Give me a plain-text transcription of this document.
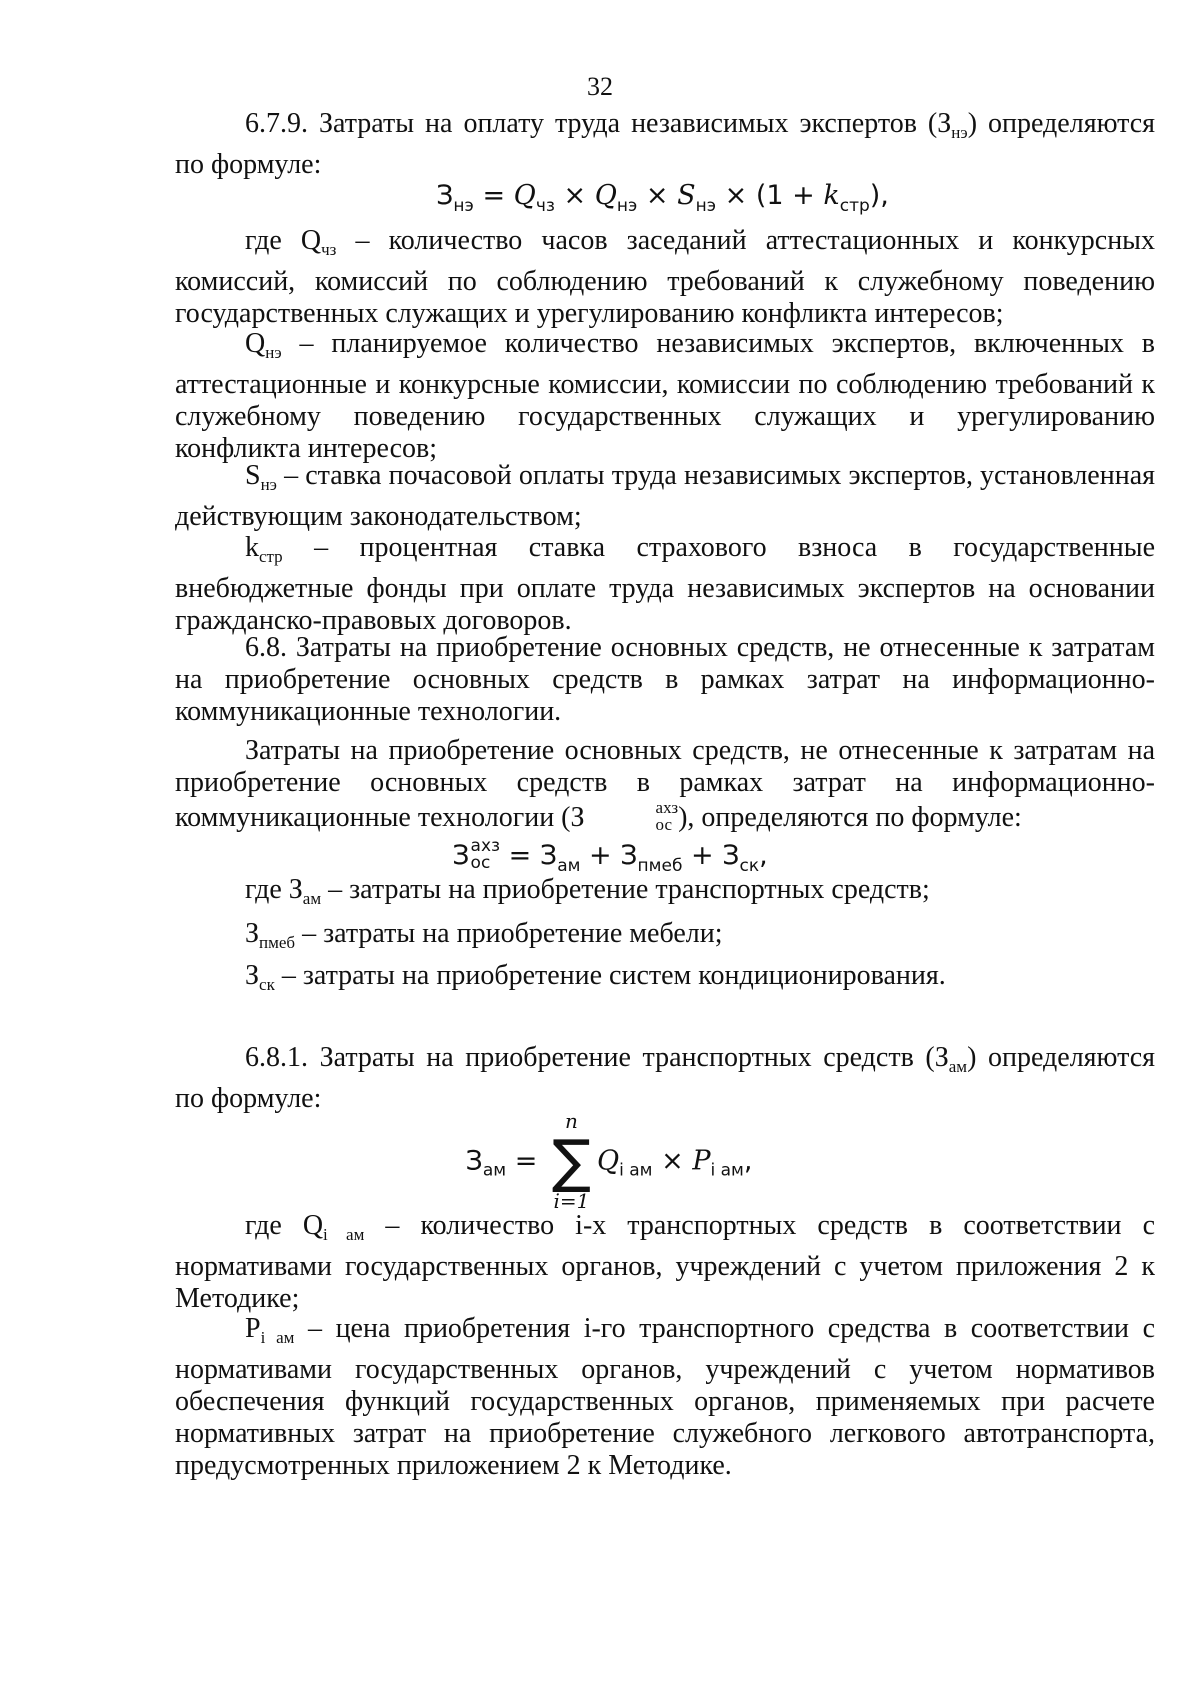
32
6.7.9. Затраты на оплату труда независимых экспертов $(З_{нэ})$ определяются по формуле:
$З_{нэ} = Q_{чз} \times Q_{нэ} \times S_{нэ} \times (1 + k_{стр})$,
где $Q_{чз}$ – количество часов заседаний аттестационных и конкурсных комиссий, комиссий по соблюдению требований к служебному поведению государственных служащих и урегулированию конфликта интересов;
$Q_{нэ}$ – планируемое количество независимых экспертов, включенных в аттестационные и конкурсные комиссии, комиссии по соблюдению требований к служебному поведению государственных служащих и урегулированию конфликта интересов;
$S_{нэ}$ – ставка почасовой оплаты труда независимых экспертов, установленная действующим законодательством;
$k_{стр}$ – процентная ставка страхового взноса в государственные внебюджетные фонды при оплате труда независимых экспертов на основании гражданско-правовых договоров.
6.8. Затраты на приобретение основных средств, не отнесенные к затратам на приобретение основных средств в рамках затрат на информационно-коммуникационные технологии.
Затраты на приобретение основных средств, не отнесенные к затратам на приобретение основных средств в рамках затрат на информационно-коммуникационные технологии (З	ахз
ос ), определяются по формуле:
З ахз
ос = $З_{ам} + З_{пмеб} + З_{ск}$,
где $З_{ам}$ – затраты на приобретение транспортных средств;
$З_{пмеб}$ – затраты на приобретение мебели;
$З_{ск}$ – затраты на приобретение систем кондиционирования.
6.8.1. Затраты на приобретение транспортных средств $(З_{ам})$ определяются по формуле:
$З_{ам}$ =
n
∑
i=1
$Q_{i ам} \times P_{i ам}$,
где $Q_{i ам}$ – количество i-х транспортных средств в соответствии с нормативами государственных органов, учреждений с учетом приложения 2 к Методике;
$P_{i ам}$ – цена приобретения i-го транспортного средства в соответствии с нормативами государственных органов, учреждений с учетом нормативов обеспечения функций государственных органов, применяемых при расчете нормативных затрат на приобретение служебного легкового автотранспорта, предусмотренных приложением 2 к Методике.
